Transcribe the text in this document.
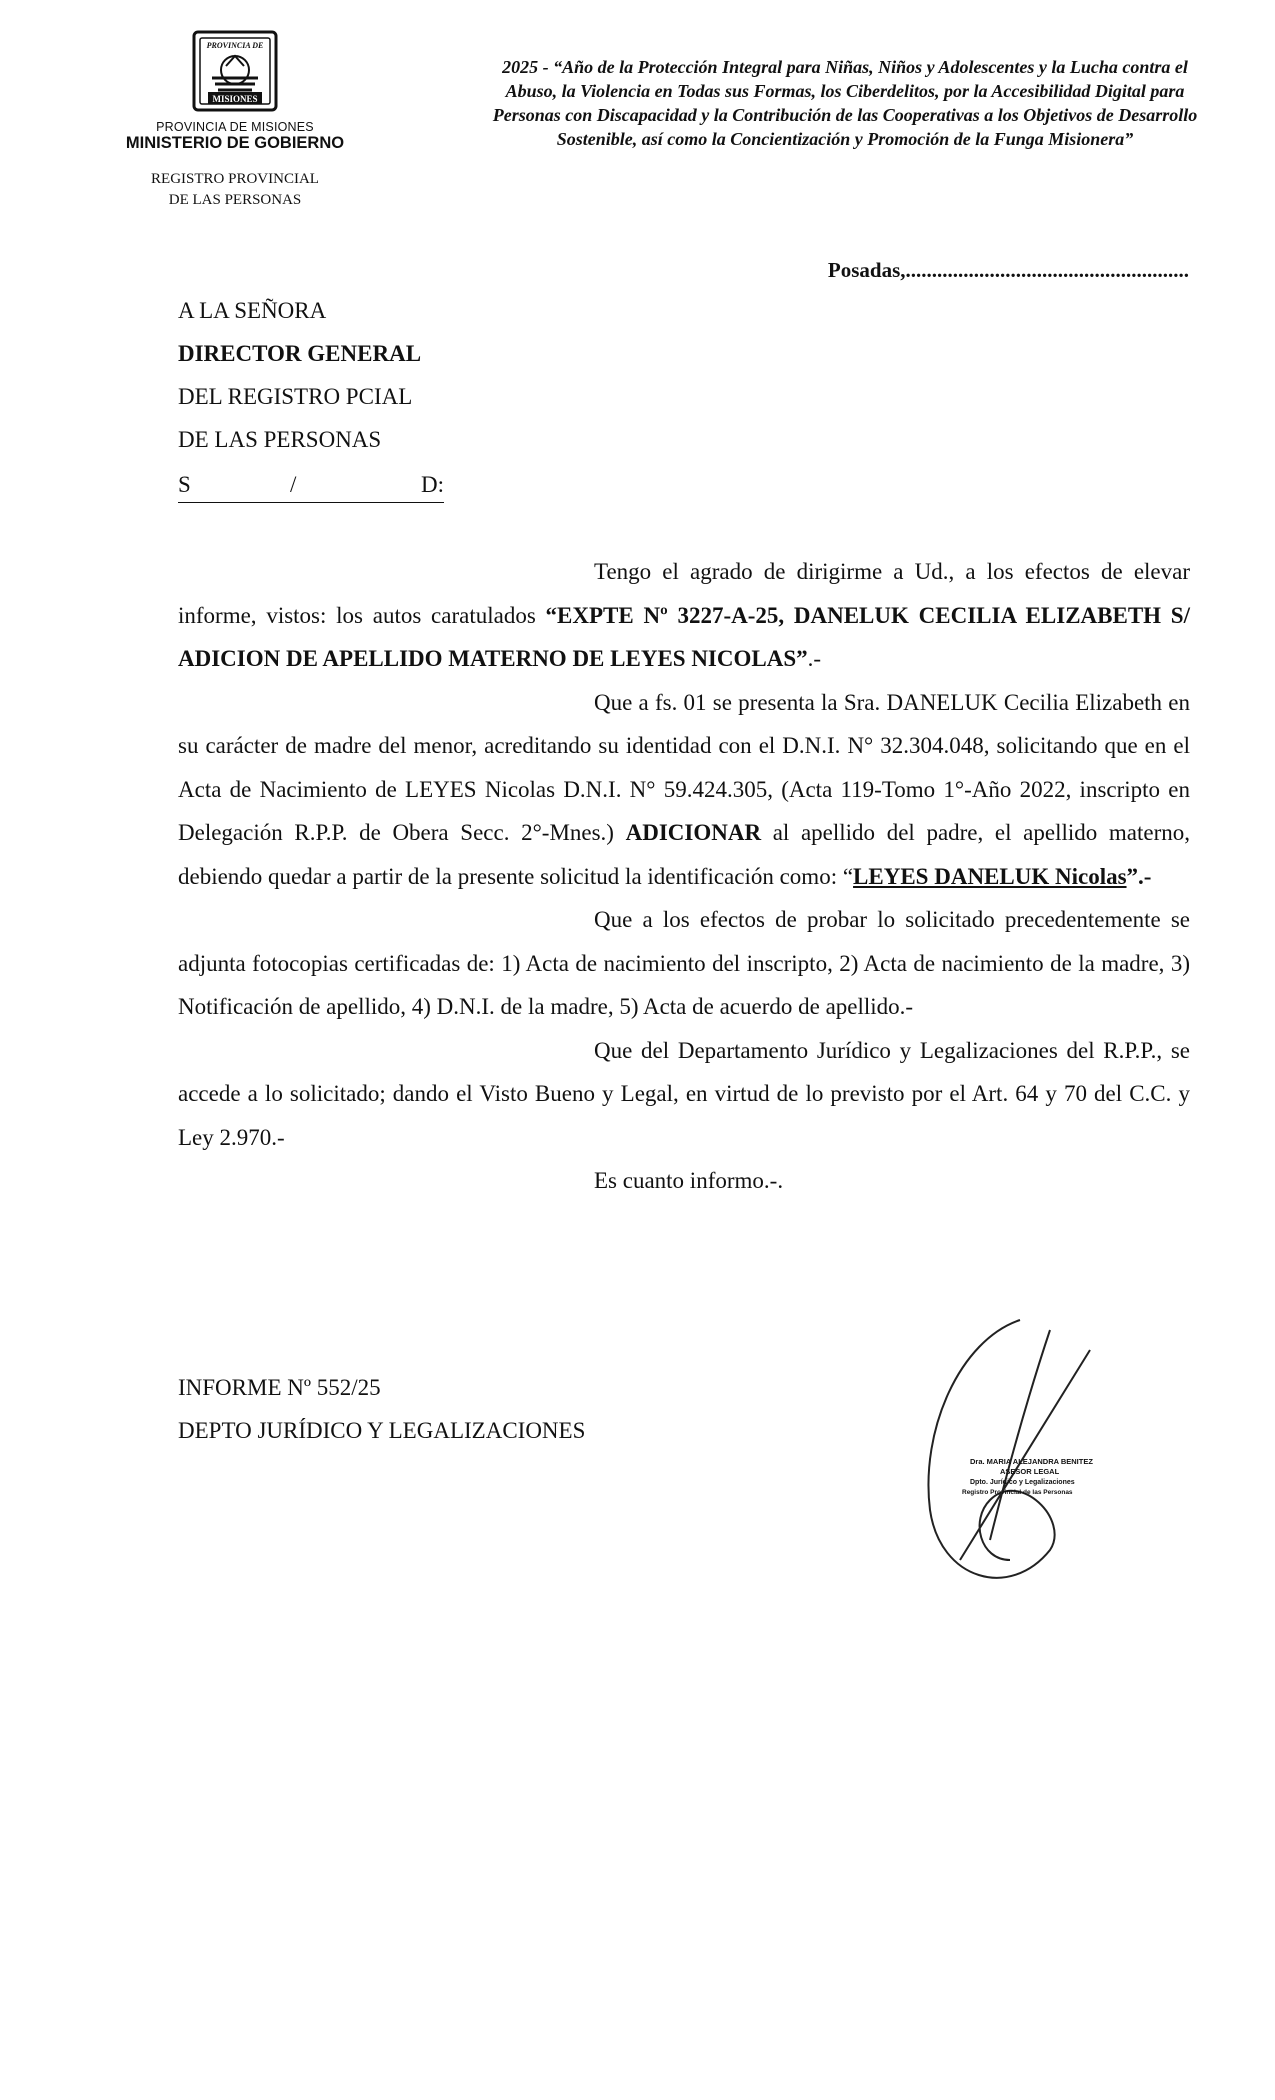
PROVINCIA DE
MISIONES
PROVINCIA DE MISIONES
MINISTERIO DE GOBIERNO
REGISTRO PROVINCIAL
DE LAS PERSONAS
2025 - “Año de la Protección Integral para Niñas, Niños y Adolescentes y la Lucha contra el Abuso, la Violencia en Todas sus Formas, los Ciberdelitos, por la Accesibilidad Digital para Personas con Discapacidad y la Contribución de las Cooperativas a los Objetivos de Desarrollo Sostenible, así como la Concientización y Promoción de la Funga Misionera”
Posadas,......................................................
A LA SEÑORA
DIRECTOR GENERAL
DEL REGISTRO PCIAL
DE LAS PERSONAS
S	/	D:

Tengo el agrado de dirigirme a Ud., a los efectos de elevar informe, vistos: los autos caratulados “EXPTE Nº 3227-A-25, DANELUK CECILIA ELIZABETH S/ ADICION DE APELLIDO MATERNO DE LEYES NICOLAS”.-

Que a fs. 01 se presenta la Sra. DANELUK Cecilia Elizabeth en su carácter de madre del menor, acreditando su identidad con el D.N.I. N° 32.304.048, solicitando que en el Acta de Nacimiento de LEYES Nicolas D.N.I. N° 59.424.305, (Acta 119-Tomo 1°-Año 2022, inscripto en Delegación R.P.P. de Obera Secc. 2°-Mnes.) ADICIONAR al apellido del padre, el apellido materno, debiendo quedar a partir de la presente solicitud la identificación como: “LEYES DANELUK Nicolas”.-

Que a los efectos de probar lo solicitado precedentemente se adjunta fotocopias certificadas de: 1) Acta de nacimiento del inscripto, 2) Acta de nacimiento de la madre, 3) Notificación de apellido, 4) D.N.I. de la madre, 5) Acta de acuerdo de apellido.-

Que del Departamento Jurídico y Legalizaciones del R.P.P., se accede a lo solicitado; dando el Visto Bueno y Legal, en virtud de lo previsto por el Art. 64 y 70 del C.C. y Ley 2.970.-

Es cuanto informo.-.

INFORME Nº 552/25
DEPTO JURÍDICO Y LEGALIZACIONES
Dra. MARIA ALEJANDRA BENITEZ
ASESOR LEGAL
Dpto. Jurídico y Legalizaciones
Registro Provincial de las Personas
